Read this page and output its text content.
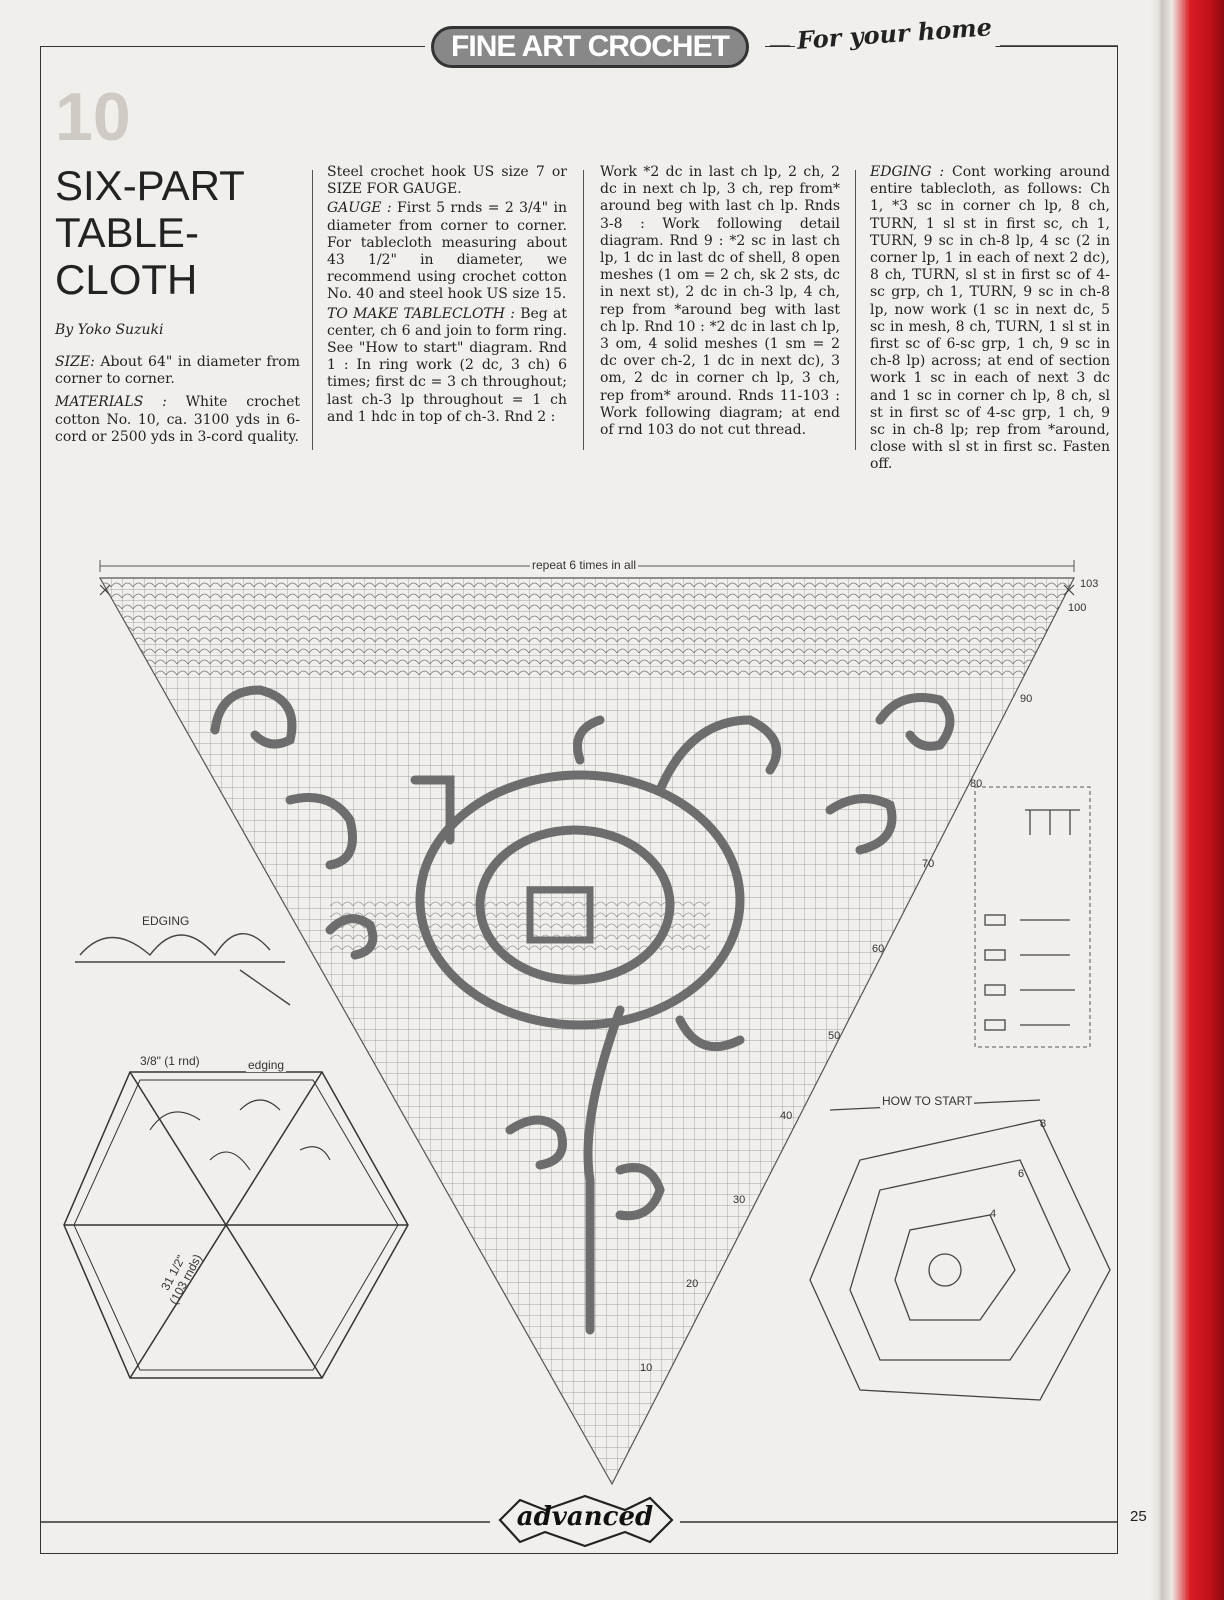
FINE ART CROCHET	For your home
10
SIX-PART
TABLE-
CLOTH
By Yoko Suzuki

SIZE: About 64" in diameter from corner to corner.

MATERIALS : White crochet cotton No. 10, ca. 3100 yds in 6-cord or 2500 yds in 3-cord quality.

Steel crochet hook US size 7 or SIZE FOR GAUGE.

GAUGE : First 5 rnds = 2 3/4" in diameter from corner to corner. For tablecloth measuring about 43 1/2" in diameter, we recommend using crochet cotton No. 40 and steel hook US size 15.

TO MAKE TABLECLOTH : Beg at center, ch 6 and join to form ring. See "How to start" diagram. Rnd 1 : In ring work (2 dc, 3 ch) 6 times; first dc = 3 ch throughout; last ch-3 lp throughout = 1 ch and 1 hdc in top of ch-3. Rnd 2 :

Work *2 dc in last ch lp, 2 ch, 2 dc in next ch lp, 3 ch, rep from* around beg with last ch lp. Rnds 3-8 : Work following detail diagram. Rnd 9 : *2 sc in last ch lp, 1 dc in last dc of shell, 8 open meshes (1 om = 2 ch, sk 2 sts, dc in next st), 2 dc in ch-3 lp, 4 ch, rep from *around beg with last ch lp. Rnd 10 : *2 dc in last ch lp, 3 om, 4 solid meshes (1 sm = 2 dc over ch-2, 1 dc in next dc), 3 om, 2 dc in corner ch lp, 3 ch, rep from* around. Rnds 11-103 : Work following diagram; at end of rnd 103 do not cut thread.

EDGING : Cont working around entire tablecloth, as follows: Ch 1, *3 sc in corner ch lp, 8 ch, TURN, 1 sl st in first sc, ch 1, TURN, 9 sc in ch-8 lp, 4 sc (2 in corner lp, 1 in each of next 2 dc), 8 ch, TURN, sl st in first sc of 4-sc grp, ch 1, TURN, 9 sc in ch-8 lp, now work (1 sc in next dc, 5 sc in mesh, 8 ch, TURN, 1 sl st in first sc of 6-sc grp, 1 ch, 9 sc in ch-8 lp) across; at end of section work 1 sc in each of next 3 dc and 1 sc in corner ch lp, 8 ch, sl st in first sc of 4-sc grp, 1 ch, 9 sc in ch-8 lp; rep from *around, close with sl st in first sc. Fasten off.

repeat 6 times in all
103
100
90
80
70
60
50
40
30
20
10
EDGING
3/8" (1 rnd)	edging
31 1/2"
(103 rnds)
HOW TO START
8
6
4
advanced	25
